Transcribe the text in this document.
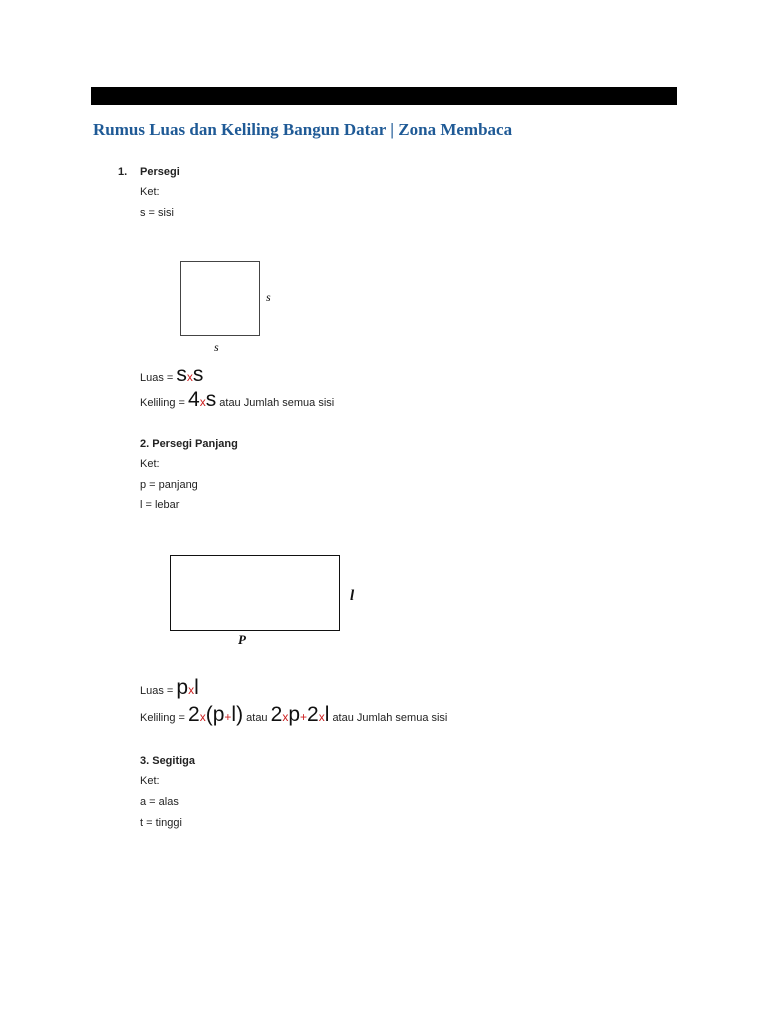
Rumus Luas dan Keliling Bangun Datar | Zona Membaca
1. Persegi
Ket:
s = sisi
s
s
Luas =
s x s
Keliling =
4 x s
atau Jumlah semua sisi
2. Persegi Panjang
Ket:
p = panjang
l = lebar
l
P
Luas =
p x l
Keliling =
2 x (p + l)
atau
2 x p + 2 x l
atau Jumlah semua sisi
3. Segitiga
Ket:
a = alas
t = tinggi
